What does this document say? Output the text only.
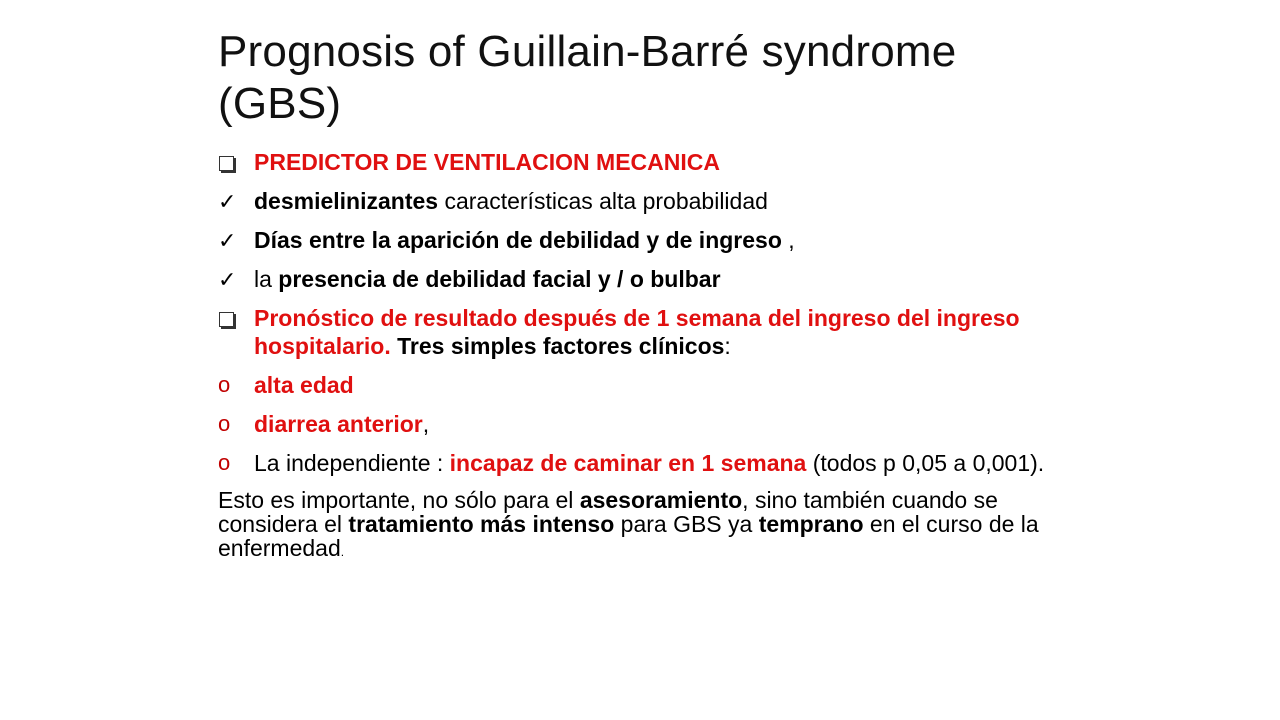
Prognosis of Guillain-Barré syndrome (GBS)
PREDICTOR DE VENTILACION MECANICA
✓ desmielinizantes características alta probabilidad
✓ Días entre la aparición de debilidad y de ingreso ,
✓ la presencia de debilidad facial y / o bulbar
Pronóstico de resultado después de 1 semana del ingreso del ingreso hospitalario. Tres simples factores clínicos:
o alta edad
o diarrea anterior,
o La independiente : incapaz de caminar en 1 semana (todos p 0,05 a 0,001).
Esto es importante, no sólo para el asesoramiento, sino también cuando se considera el tratamiento más intenso para GBS ya temprano en el curso de la enfermedad.
